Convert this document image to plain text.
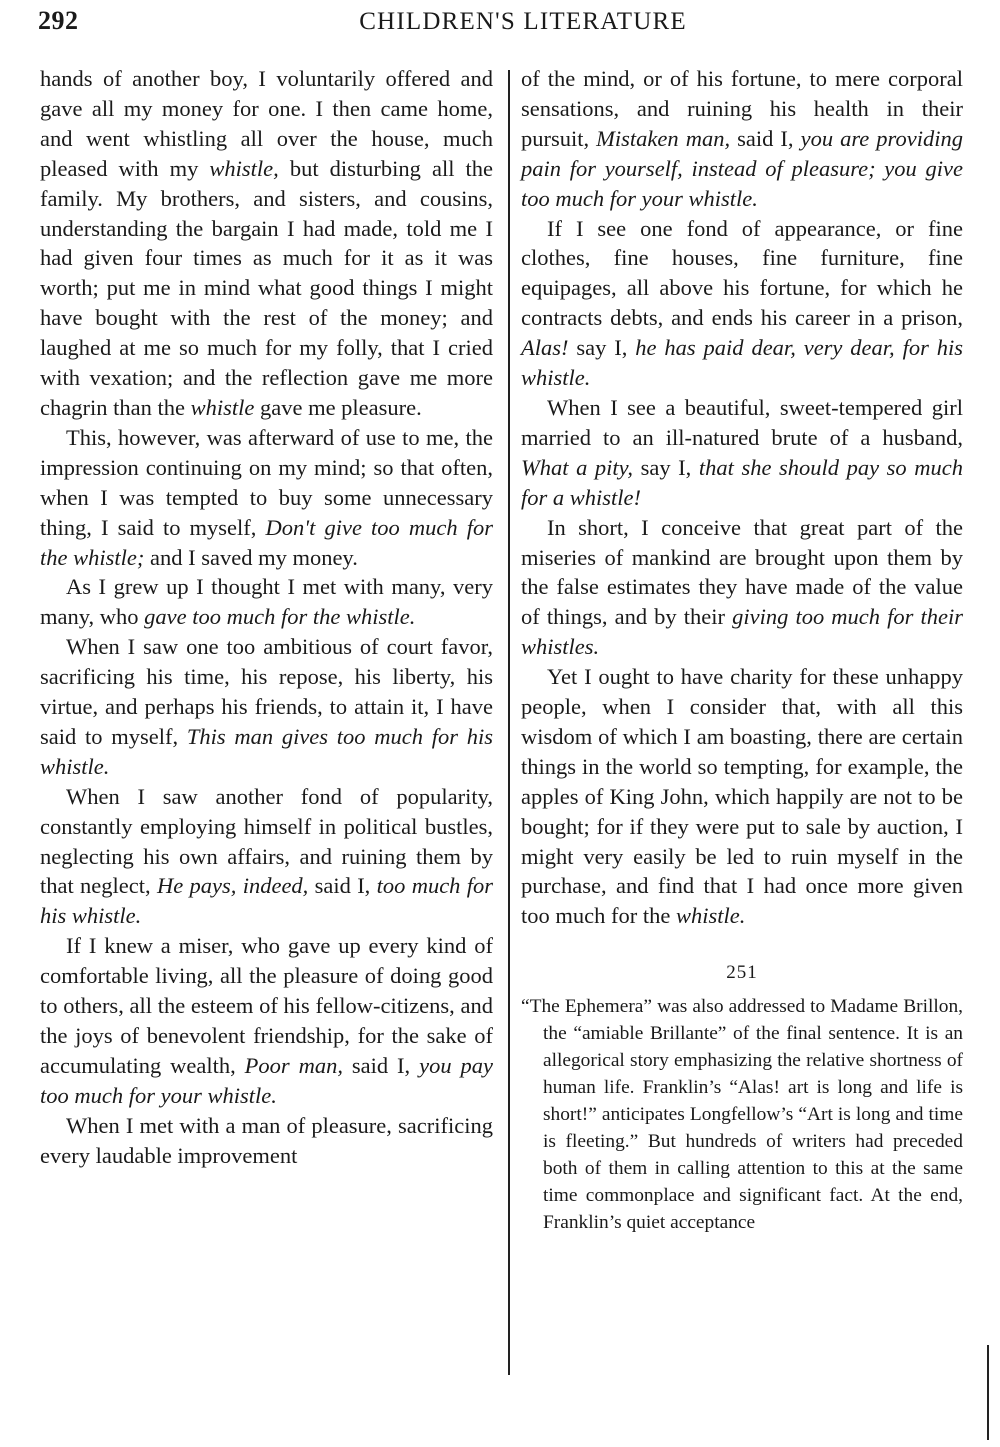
292	CHILDREN'S LITERATURE

hands of another boy, I voluntarily offered and gave all my money for one. I then came home, and went whistling all over the house, much pleased with my whistle, but disturbing all the family. My brothers, and sisters, and cousins, understanding the bargain I had made, told me I had given four times as much for it as it was worth; put me in mind what good things I might have bought with the rest of the money; and laughed at me so much for my folly, that I cried with vexation; and the reflection gave me more chagrin than the whistle gave me pleasure.

This, however, was afterward of use to me, the impression continuing on my mind; so that often, when I was tempted to buy some unnecessary thing, I said to myself, Don't give too much for the whistle; and I saved my money.

As I grew up I thought I met with many, very many, who gave too much for the whistle.

When I saw one too ambitious of court favor, sacrificing his time, his repose, his liberty, his virtue, and perhaps his friends, to attain it, I have said to myself, This man gives too much for his whistle.

When I saw another fond of popularity, constantly employing himself in political bustles, neglecting his own affairs, and ruining them by that neglect, He pays, indeed, said I, too much for his whistle.

If I knew a miser, who gave up every kind of comfortable living, all the pleasure of doing good to others, all the esteem of his fellow-citizens, and the joys of benevolent friendship, for the sake of accumulating wealth, Poor man, said I, you pay too much for your whistle.

When I met with a man of pleasure, sacrificing every laudable improvement

of the mind, or of his fortune, to mere corporal sensations, and ruining his health in their pursuit, Mistaken man, said I, you are providing pain for yourself, instead of pleasure; you give too much for your whistle.

If I see one fond of appearance, or fine clothes, fine houses, fine furniture, fine equipages, all above his fortune, for which he contracts debts, and ends his career in a prison, Alas! say I, he has paid dear, very dear, for his whistle.

When I see a beautiful, sweet-tempered girl married to an ill-natured brute of a husband, What a pity, say I, that she should pay so much for a whistle!

In short, I conceive that great part of the miseries of mankind are brought upon them by the false estimates they have made of the value of things, and by their giving too much for their whistles.

Yet I ought to have charity for these unhappy people, when I consider that, with all this wisdom of which I am boasting, there are certain things in the world so tempting, for example, the apples of King John, which happily are not to be bought; for if they were put to sale by auction, I might very easily be led to ruin myself in the purchase, and find that I had once more given too much for the whistle.

251

“The Ephemera” was also addressed to Madame Brillon, the “amiable Brillante” of the final sentence. It is an allegorical story emphasizing the relative shortness of human life. Franklin’s “Alas! art is long and life is short!” anticipates Longfellow’s “Art is long and time is fleeting.” But hundreds of writers had preceded both of them in calling attention to this at the same time commonplace and significant fact. At the end, Franklin’s quiet acceptance
